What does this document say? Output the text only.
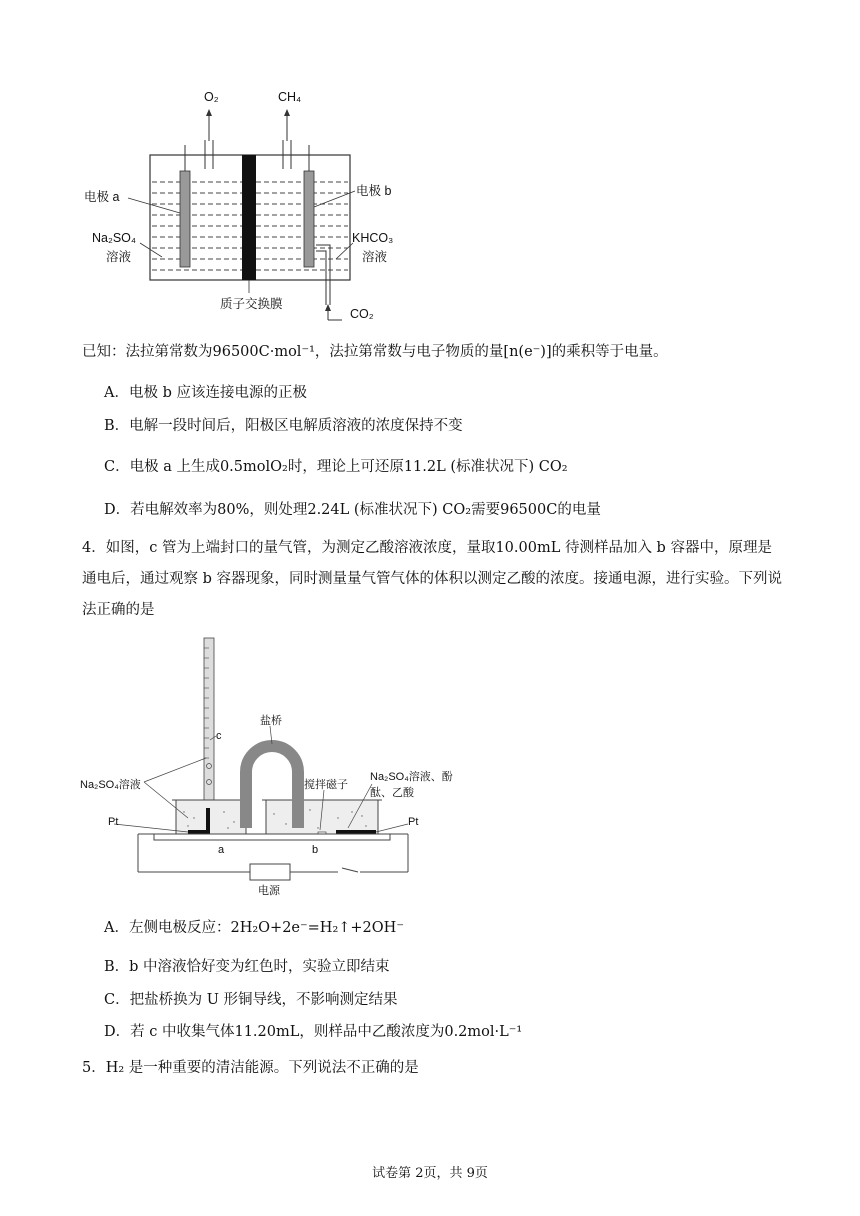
O₂	CH₄
电极 a	电极 b
Na₂SO₄
溶液
KHCO₃
溶液
质子交换膜
CO₂
已知：法拉第常数为96500C·mol⁻¹，法拉第常数与电子物质的量[n(e⁻)]的乘积等于电量。
A．电极 b 应该连接电源的正极
B．电解一段时间后，阳极区电解质溶液的浓度保持不变
C．电极 a 上生成0.5molO₂时，理论上可还原11.2L (标准状况下) CO₂
D．若电解效率为80%，则处理2.24L (标准状况下) CO₂需要96500C的电量
4．如图，c 管为上端封口的量气管，为测定乙酸溶液浓度，量取10.00mL 待测样品加入 b 容器中，原理是通电后，通过观察 b 容器现象，同时测量量气管气体的体积以测定乙酸的浓度。接通电源，进行实验。下列说法正确的是
盐桥
c
Na₂SO₄溶液	搅拌磁子
Na₂SO₄溶液、酚酞、乙酸
Pt	Pt
a	b
电源
A．左侧电极反应：2H₂O+2e⁻=H₂↑+2OH⁻
B．b 中溶液恰好变为红色时，实验立即结束
C．把盐桥换为 U 形铜导线，不影响测定结果
D．若 c 中收集气体11.20mL，则样品中乙酸浓度为0.2mol·L⁻¹
5．H₂ 是一种重要的清洁能源。下列说法不正确的是
试卷第 2页，共 9页
